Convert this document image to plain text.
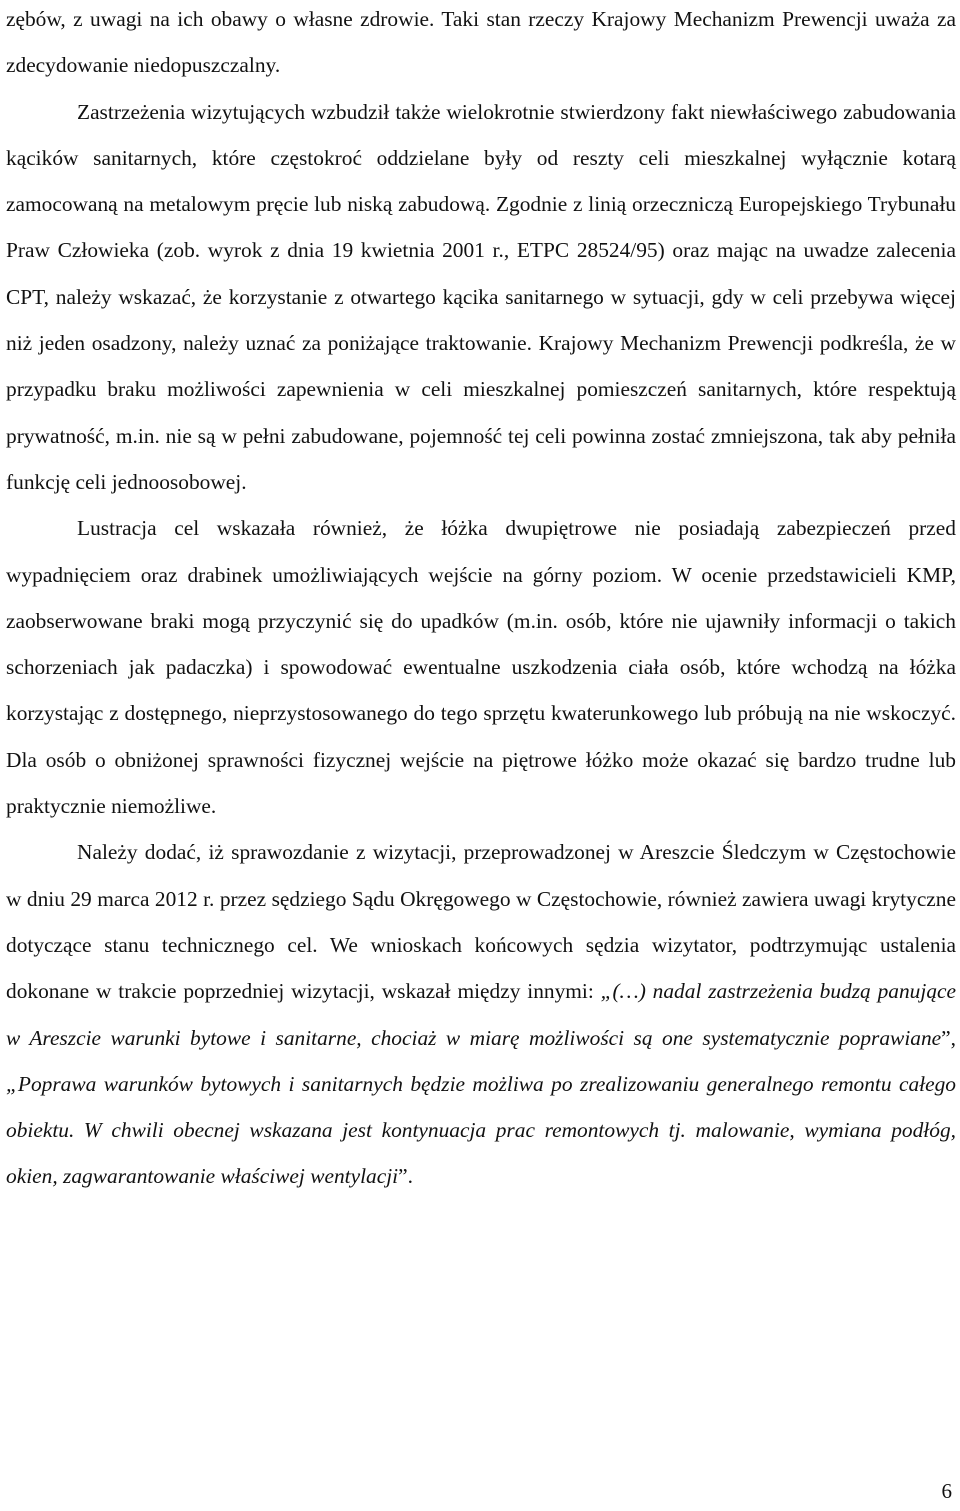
zębów, z uwagi na ich obawy o własne zdrowie. Taki stan rzeczy Krajowy Mechanizm Prewencji uważa za zdecydowanie niedopuszczalny.

Zastrzeżenia wizytujących wzbudził także wielokrotnie stwierdzony fakt niewłaściwego zabudowania kącików sanitarnych, które częstokroć oddzielane były od reszty celi mieszkalnej wyłącznie kotarą zamocowaną na metalowym pręcie lub niską zabudową. Zgodnie z linią orzeczniczą Europejskiego Trybunału Praw Człowieka (zob. wyrok z dnia 19 kwietnia 2001 r., ETPC 28524/95) oraz mając na uwadze zalecenia CPT, należy wskazać, że korzystanie z otwartego kącika sanitarnego w sytuacji, gdy w celi przebywa więcej niż jeden osadzony, należy uznać za poniżające traktowanie. Krajowy Mechanizm Prewencji podkreśla, że w przypadku braku możliwości zapewnienia w celi mieszkalnej pomieszczeń sanitarnych, które respektują prywatność, m.in. nie są w pełni zabudowane, pojemność tej celi powinna zostać zmniejszona, tak aby pełniła funkcję celi jednoosobowej.

Lustracja cel wskazała również, że łóżka dwupiętrowe nie posiadają zabezpieczeń przed wypadnięciem oraz drabinek umożliwiających wejście na górny poziom. W ocenie przedstawicieli KMP, zaobserwowane braki mogą przyczynić się do upadków (m.in. osób, które nie ujawniły informacji o takich schorzeniach jak padaczka) i spowodować ewentualne uszkodzenia ciała osób, które wchodzą na łóżka korzystając z dostępnego, nieprzystosowanego do tego sprzętu kwaterunkowego lub próbują na nie wskoczyć. Dla osób o obniżonej sprawności fizycznej wejście na piętrowe łóżko może okazać się bardzo trudne lub praktycznie niemożliwe.

Należy dodać, iż sprawozdanie z wizytacji, przeprowadzonej w Areszcie Śledczym w Częstochowie w dniu 29 marca 2012 r. przez sędziego Sądu Okręgowego w Częstochowie, również zawiera uwagi krytyczne dotyczące stanu technicznego cel. We wnioskach końcowych sędzia wizytator, podtrzymując ustalenia dokonane w trakcie poprzedniej wizytacji, wskazał między innymi: „(…) nadal zastrzeżenia budzą panujące w Areszcie warunki bytowe i sanitarne, chociaż w miarę możliwości są one systematycznie poprawiane”, „Poprawa warunków bytowych i sanitarnych będzie możliwa po zrealizowaniu generalnego remontu całego obiektu. W chwili obecnej wskazana jest kontynuacja prac remontowych tj. malowanie, wymiana podłóg, okien, zagwarantowanie właściwej wentylacji”.

6
